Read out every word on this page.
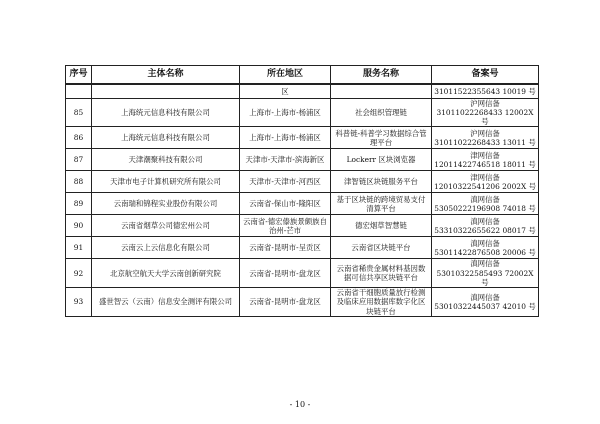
序号	主体名称	所在地区	服务名称	备案号
		区		31011522355643 10019 号
85	上海统元信息科技有限公司	上海市-上海市-杨浦区	社会组织管理链	沪网信备
31011022268433 12002X 号

86	上海统元信息科技有限公司	上海市-上海市-杨浦区	科普链-科普学习数据综合管理平台	沪网信备
31011022268433 13011 号

87	天津潮聚科技有限公司	天津市-天津市-滨海新区	Lockerr 区块浏览器	津网信备
12011422746518 18011 号

88	天津市电子计算机研究所有限公司	天津市-天津市-河西区	津智链区块链服务平台	津网信备
12010322541206 2002X 号

89	云南瑞和锦程实业股份有限公司	云南省-保山市-隆阳区	基于区块链的跨境贸易支付清算平台	滇网信备
53050222196908 74018 号

90	云南省烟草公司德宏州公司	云南省-德宏傣族景颇族自治州-芒市	德宏烟草智慧链	滇网信备
53310322655622 08017 号

91	云南云上云信息化有限公司	云南省-昆明市-呈贡区	云南省区块链平台	滇网信备
53011422876508 20006 号

92	北京航空航天大学云南创新研究院	云南省-昆明市-盘龙区	云南省稀贵金属材料基因数据可信共享区块链平台	滇网信备
53010322585493 72002X 号

93	盛世智云（云南）信息安全测评有限公司	云南省-昆明市-盘龙区	云南省干细胞质量放行检测及临床应用数据库数字化区块链平台	滇网信备
53010322445037 42010 号
- 10 -
